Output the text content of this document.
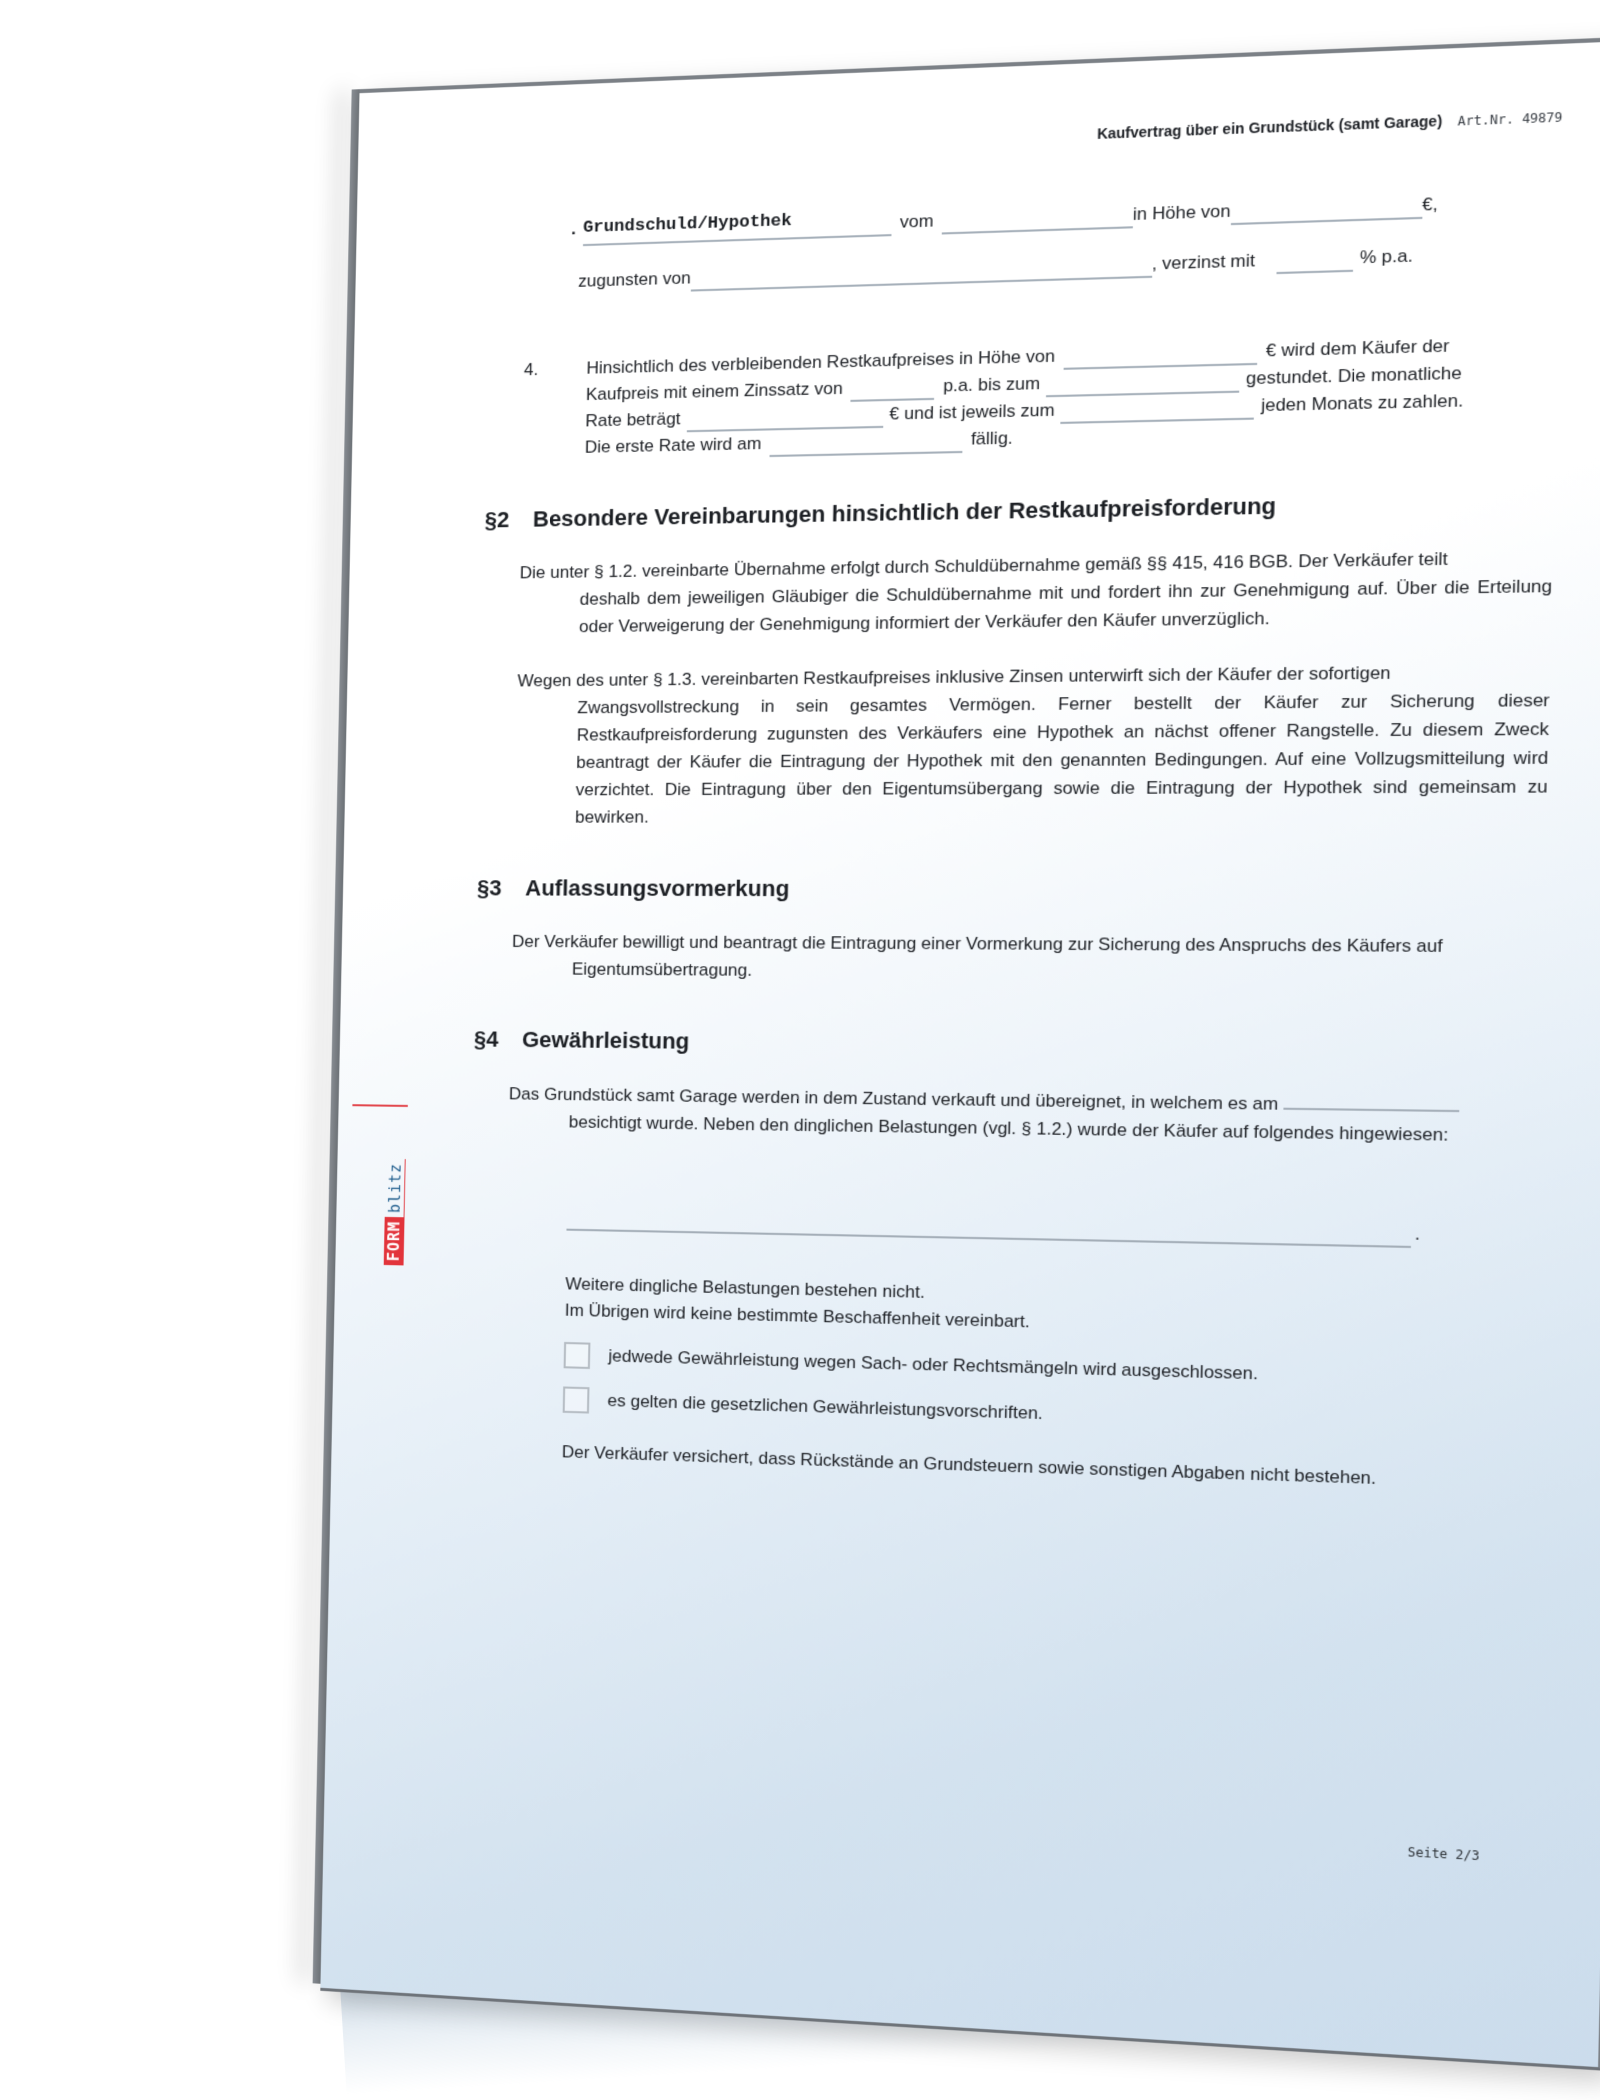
Kaufvertrag über ein Grundstück (samt Garage) Art.Nr. 49879
FORM
blitz
· Grundschuld/Hypothek	vom	in Höhe von	€,
zugunsten von
, verzinst mit	% p.a.
4.	Hinsichtlich des verbleibenden Restkaufpreises in Höhe von	€ wird dem Käufer der
Kaufpreis mit einem Zinssatz von	p.a. bis zum	gestundet. Die monatliche
Rate beträgt	€ und ist jeweils zum	jeden Monats zu zahlen.
Die erste Rate wird am	fällig.
§2 Besondere Vereinbarungen hinsichtlich der Restkaufpreisforderung
Die unter § 1.2. vereinbarte Übernahme erfolgt durch Schuldübernahme gemäß §§ 415, 416 BGB. Der Verkäufer teilt
deshalb dem jeweiligen Gläubiger die Schuldübernahme mit und fordert ihn zur Genehmigung auf. Über die Erteilung oder Verweigerung der Genehmigung informiert der Verkäufer den Käufer unverzüglich.
Wegen des unter § 1.3. vereinbarten Restkaufpreises inklusive Zinsen unterwirft sich der Käufer der sofortigen
Zwangsvollstreckung in sein gesamtes Vermögen. Ferner bestellt der Käufer zur Sicherung dieser Restkaufpreisforderung zugunsten des Verkäufers eine Hypothek an nächst offener Rangstelle. Zu diesem Zweck beantragt der Käufer die Eintragung der Hypothek mit den genannten Bedingungen. Auf eine Vollzugsmitteilung wird verzichtet. Die Eintragung über den Eigentumsübergang sowie die Eintragung der Hypothek sind gemeinsam zu bewirken.
§3 Auflassungsvormerkung
Der Verkäufer bewilligt und beantragt die Eintragung einer Vormerkung zur Sicherung des Anspruchs des Käufers auf
Eigentumsübertragung.
§4 Gewährleistung
Das Grundstück samt Garage werden in dem Zustand verkauft und übereignet, in welchem es am
besichtigt wurde. Neben den dinglichen Belastungen (vgl. § 1.2.) wurde der Käufer auf folgendes hingewiesen:
.
Weitere dingliche Belastungen bestehen nicht.
Im Übrigen wird keine bestimmte Beschaffenheit vereinbart.
jedwede Gewährleistung wegen Sach- oder Rechtsmängeln wird ausgeschlossen.
es gelten die gesetzlichen Gewährleistungsvorschriften.
Der Verkäufer versichert, dass Rückstände an Grundsteuern sowie sonstigen Abgaben nicht bestehen.
Seite 2/3
